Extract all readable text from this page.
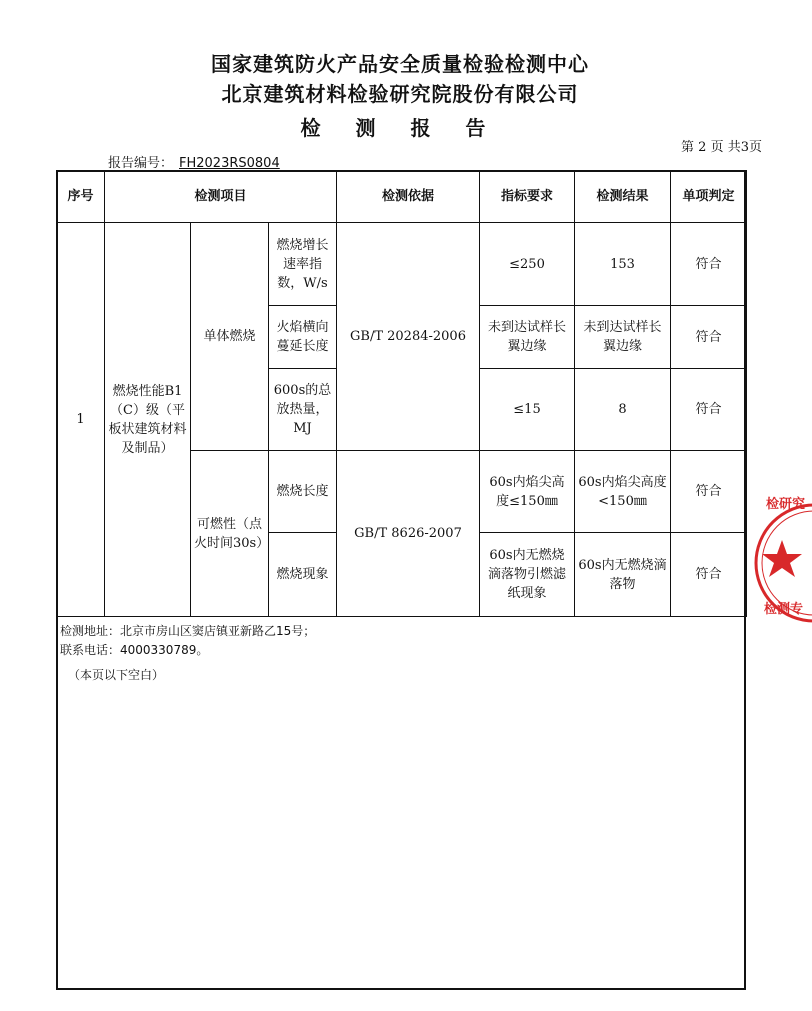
国家建筑防火产品安全质量检验检测中心
北京建筑材料检验研究院股份有限公司
检 测 报 告
第 2 页 共3页
报告编号： FH2023RS0804
序号	检测项目			检测依据	指标要求	检测结果	单项判定
1	燃烧性能B1（C）级（平板状建筑材料及制品）	单体燃烧	燃烧增长速率指数，W/s	GB/T 20284-2006	≤250	153	符合
			火焰横向蔓延长度		未到达试样长翼边缘	未到达试样长翼边缘	符合
			600s的总放热量，MJ		≤15	8	符合
		可燃性（点火时间30s）	燃烧长度	GB/T 8626-2007	60s内焰尖高度≤150㎜	60s内焰尖高度<150㎜	符合
			燃烧现象		60s内无燃烧滴落物引燃滤纸现象	60s内无燃烧滴落物	符合
检测地址：北京市房山区窦店镇亚新路乙15号；
联系电话：4000330789。
（本页以下空白）
检研究
检测专
